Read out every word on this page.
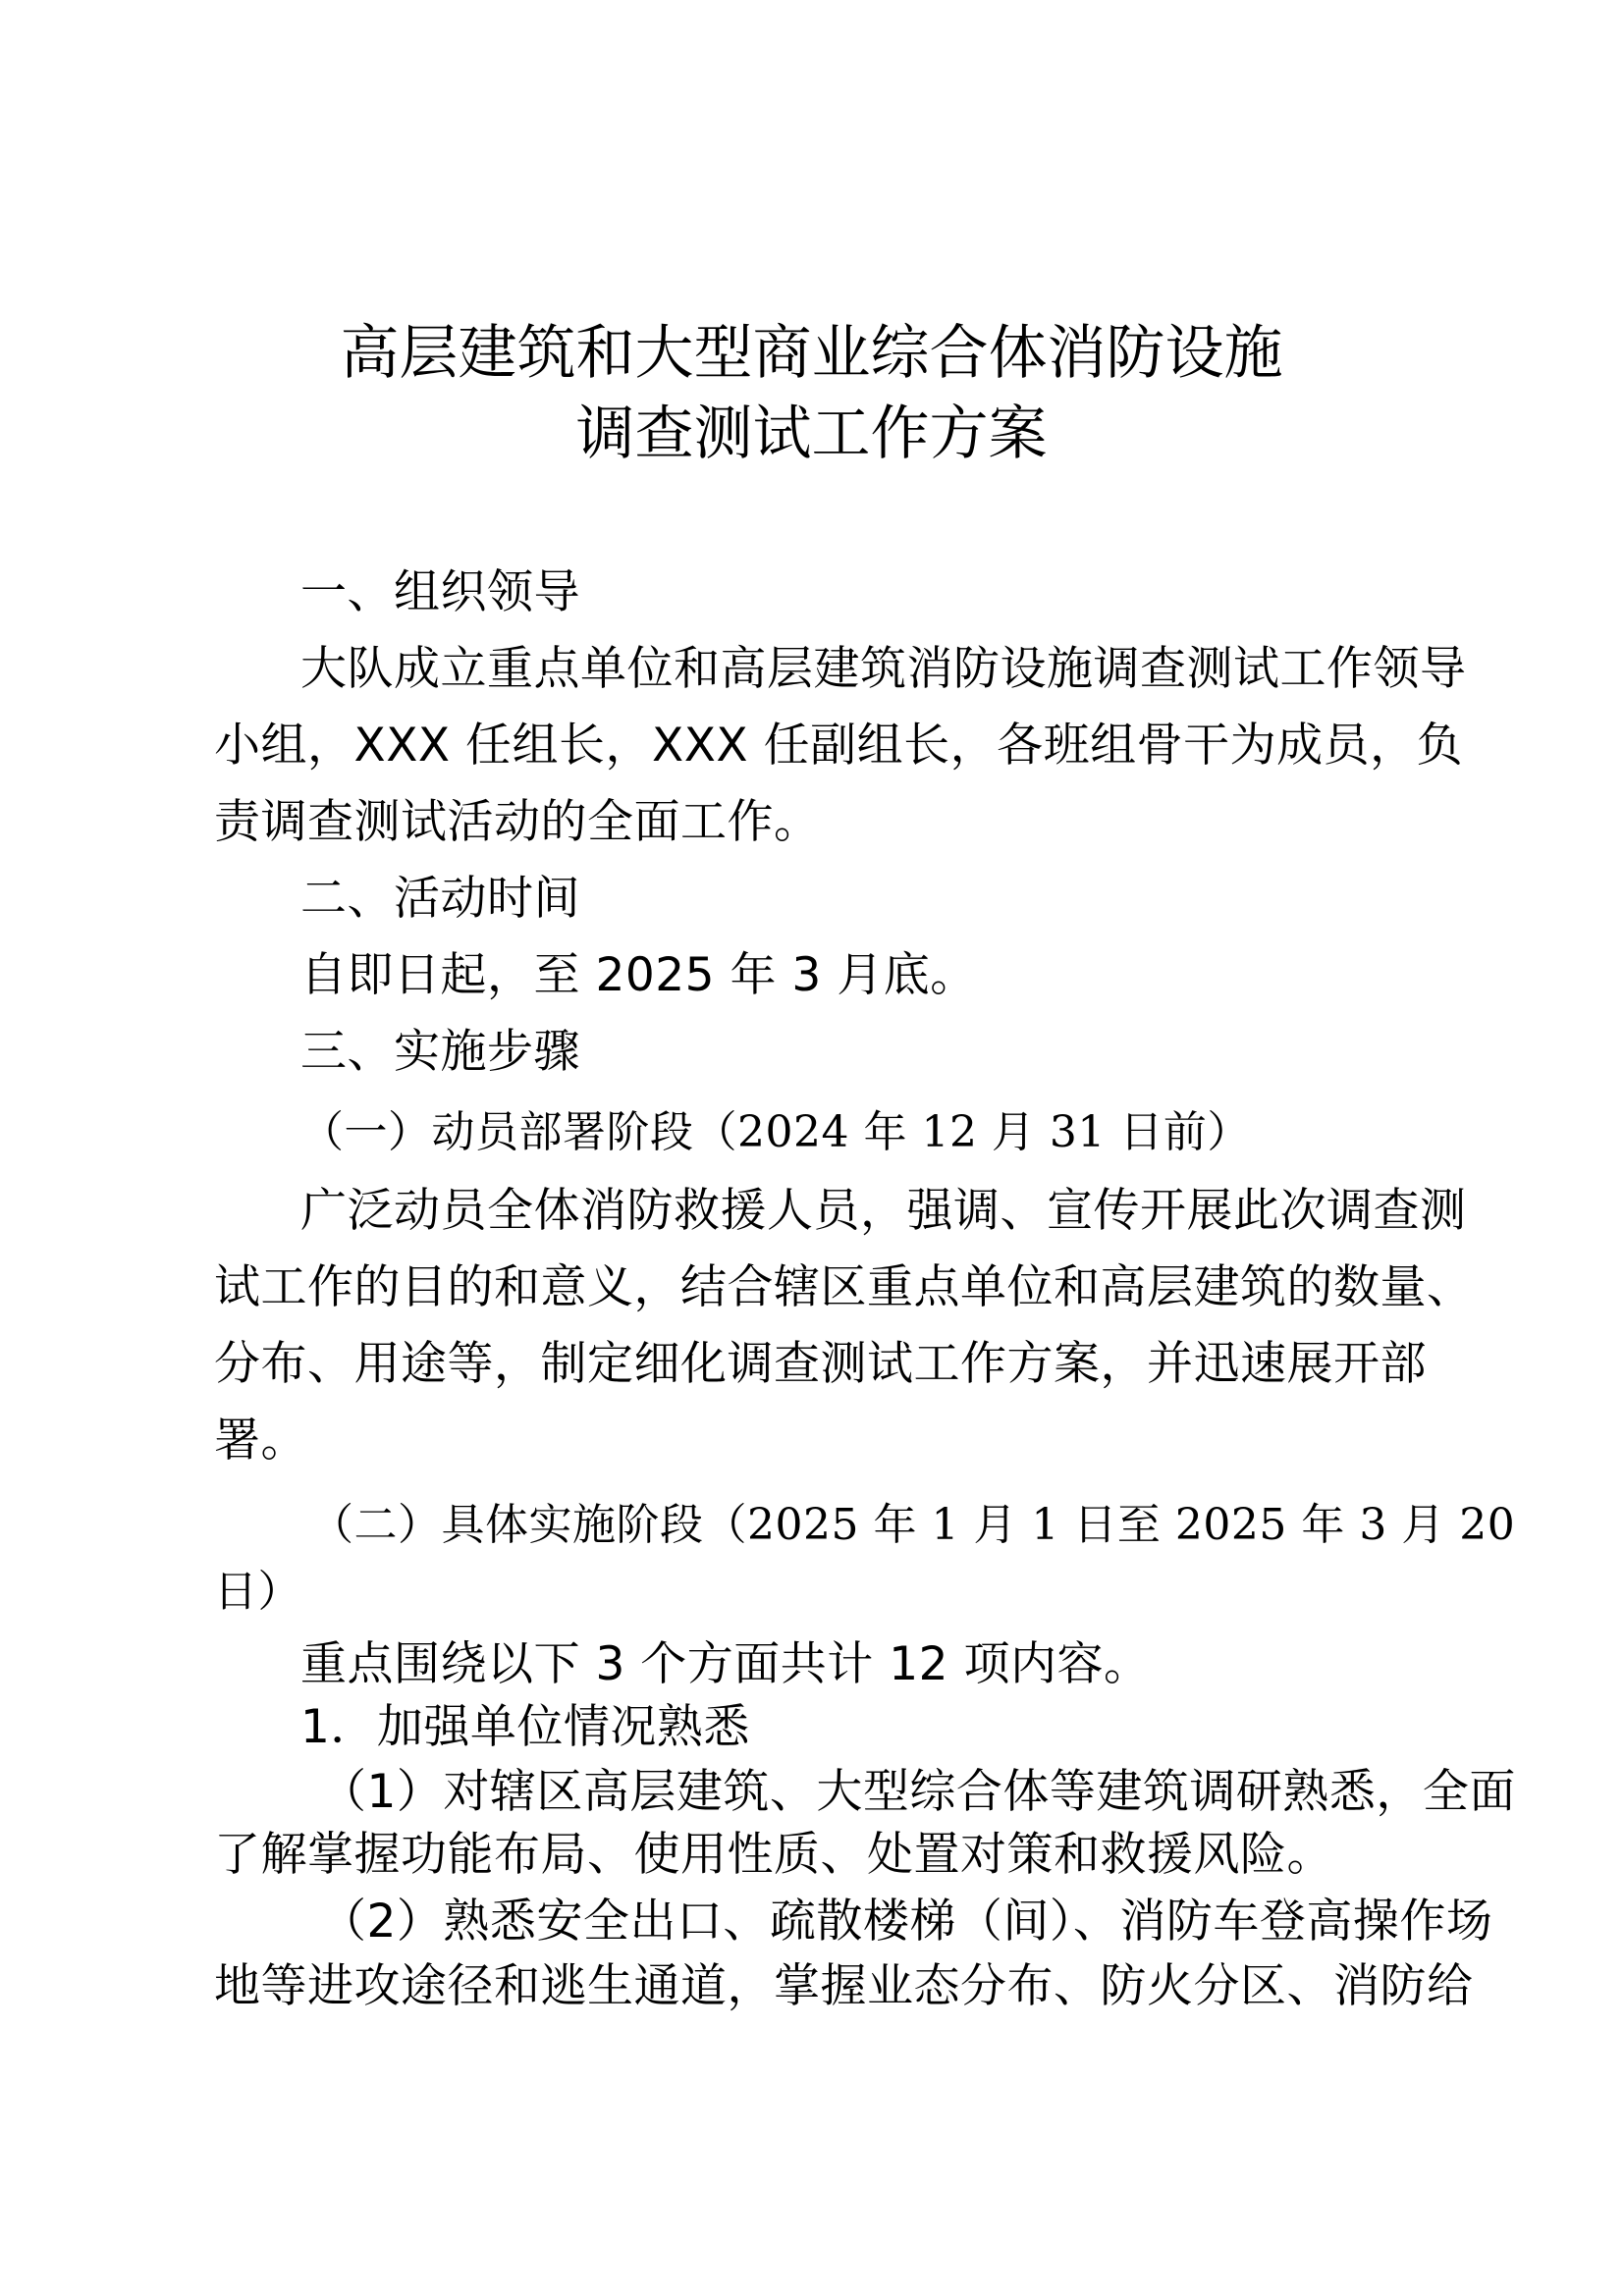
高层建筑和大型商业综合体消防设施
调查测试工作方案
一、组织领导
大队成立重点单位和高层建筑消防设施调查测试工作领导
小组，XXX 任组长，XXX 任副组长，各班组骨干为成员，负
责调查测试活动的全面工作。
二、活动时间
自即日起，至 2025 年 3 月底。
三、实施步骤
（一）动员部署阶段（2024 年 12 月 31 日前）
广泛动员全体消防救援人员，强调、宣传开展此次调查测
试工作的目的和意义，结合辖区重点单位和高层建筑的数量、
分布、用途等，制定细化调查测试工作方案，并迅速展开部
署。
（二）具体实施阶段（2025 年 1 月 1 日至 2025 年 3 月 20
日）
重点围绕以下 3 个方面共计 12 项内容。
1．加强单位情况熟悉
（1）对辖区高层建筑、大型综合体等建筑调研熟悉，全面
了解掌握功能布局、使用性质、处置对策和救援风险。
（2）熟悉安全出口、疏散楼梯（间）、消防车登高操作场
地等进攻途径和逃生通道，掌握业态分布、防火分区、消防给
